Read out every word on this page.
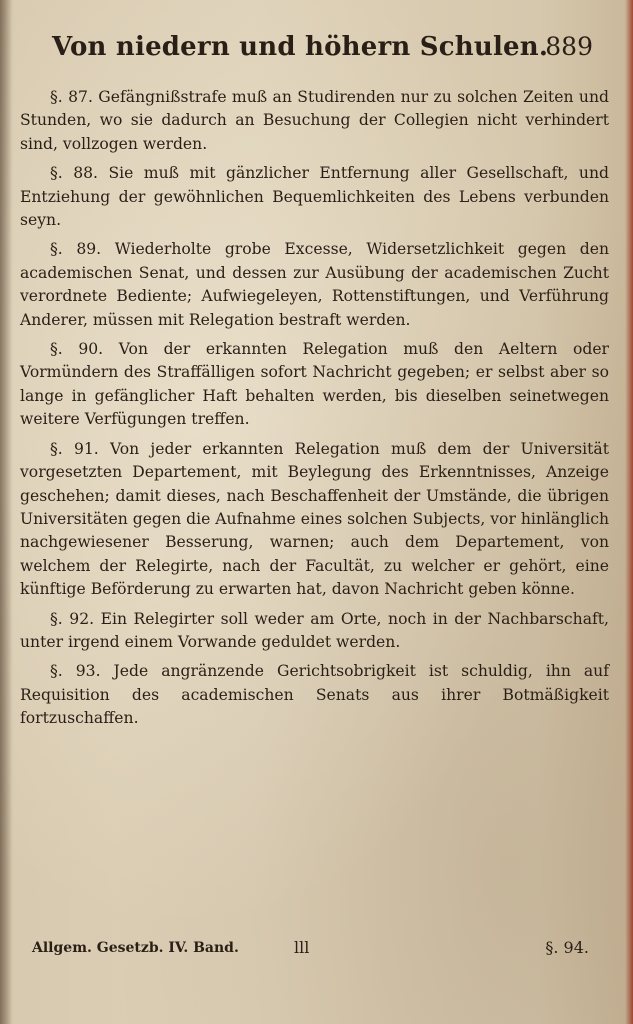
Von niedern und höhern Schulen.
889

§. 87. Gefängnißstrafe muß an Studirenden nur zu solchen Zeiten und Stunden, wo sie dadurch an Besuchung der Collegien nicht verhindert sind, vollzogen werden.

§. 88. Sie muß mit gänzlicher Entfernung aller Gesellschaft, und Entziehung der gewöhnlichen Bequemlichkeiten des Lebens verbunden seyn.

§. 89. Wiederholte grobe Excesse, Widersetzlichkeit gegen den academischen Senat, und dessen zur Ausübung der academischen Zucht verordnete Bediente; Aufwiegeleyen, Rottenstiftungen, und Verführung Anderer, müssen mit Relegation bestraft werden.

§. 90. Von der erkannten Relegation muß den Aeltern oder Vormündern des Straffälligen sofort Nachricht gegeben; er selbst aber so lange in gefänglicher Haft behalten werden, bis dieselben seinetwegen weitere Verfügungen treffen.

§. 91. Von jeder erkannten Relegation muß dem der Universität vorgesetzten Departement, mit Beylegung des Erkenntnisses, Anzeige geschehen; damit dieses, nach Beschaffenheit der Umstände, die übrigen Universitäten gegen die Aufnahme eines solchen Subjects, vor hinlänglich nachgewiesener Besserung, warnen; auch dem Departement, von welchem der Relegirte, nach der Facultät, zu welcher er gehört, eine künftige Beförderung zu erwarten hat, davon Nachricht geben könne.

§. 92. Ein Relegirter soll weder am Orte, noch in der Nachbarschaft, unter irgend einem Vorwande geduldet werden.

§. 93. Jede angränzende Gerichtsobrigkeit ist schuldig, ihn auf Requisition des academischen Senats aus ihrer Botmäßigkeit fortzuschaffen.

Allgem. Gesetzb. IV. Band.	lll	§. 94.
